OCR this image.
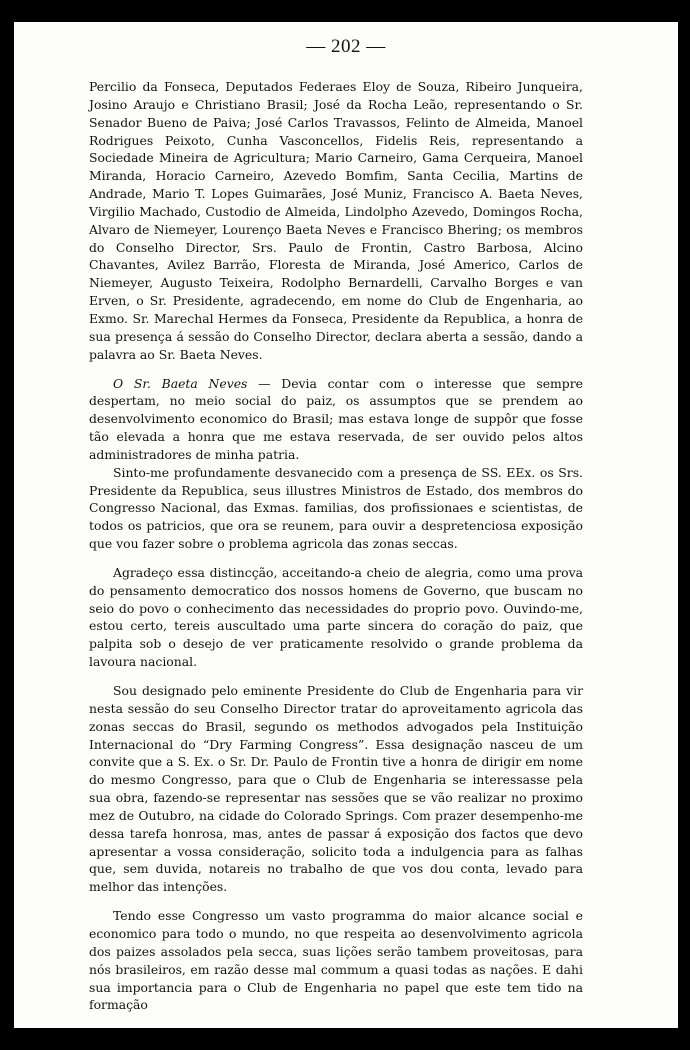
— 202 —

Percilio da Fonseca, Deputados Federaes Eloy de Souza, Ribeiro Junqueira, Josino Araujo e Christiano Brasil; José da Rocha Leão, representando o Sr. Senador Bueno de Paiva; José Carlos Travassos, Felinto de Almeida, Manoel Rodrigues Peixoto, Cunha Vasconcellos, Fidelis Reis, representando a Sociedade Mineira de Agricultura; Mario Carneiro, Gama Cerqueira, Manoel Miranda, Horacio Carneiro, Azevedo Bomfim, Santa Cecilia, Martins de Andrade, Mario T. Lopes Guimarães, José Muniz, Francisco A. Baeta Neves, Virgilio Machado, Custodio de Almeida, Lindolpho Azevedo, Domingos Rocha, Alvaro de Niemeyer, Lourenço Baeta Neves e Francisco Bhering; os membros do Conselho Director, Srs. Paulo de Frontin, Castro Barbosa, Alcino Chavantes, Avilez Barrão, Floresta de Miranda, José Americo, Carlos de Niemeyer, Augusto Teixeira, Rodolpho Bernardelli, Carvalho Borges e van Erven, o Sr. Presidente, agradecendo, em nome do Club de Engenharia, ao Exmo. Sr. Marechal Hermes da Fonseca, Presidente da Republica, a honra de sua presença á sessão do Conselho Director, declara aberta a sessão, dando a palavra ao Sr. Baeta Neves.

O Sr. Baeta Neves — Devia contar com o interesse que sempre despertam, no meio social do paiz, os assumptos que se prendem ao desenvolvimento economico do Brasil; mas estava longe de suppôr que fosse tão elevada a honra que me estava reservada, de ser ouvido pelos altos administradores de minha patria.

Sinto-me profundamente desvanecido com a presença de SS. EEx. os Srs. Presidente da Republica, seus illustres Ministros de Estado, dos membros do Congresso Nacional, das Exmas. familias, dos profissionaes e scientistas, de todos os patricios, que ora se reunem, para ouvir a despretenciosa exposição que vou fazer sobre o problema agricola das zonas seccas.

Agradeço essa distincção, acceitando-a cheio de alegria, como uma prova do pensamento democratico dos nossos homens de Governo, que buscam no seio do povo o conhecimento das necessidades do proprio povo. Ouvindo-me, estou certo, tereis auscultado uma parte sincera do coração do paiz, que palpita sob o desejo de ver praticamente resolvido o grande problema da lavoura nacional.

Sou designado pelo eminente Presidente do Club de Engenharia para vir nesta sessão do seu Conselho Director tratar do aproveitamento agricola das zonas seccas do Brasil, segundo os methodos advogados pela Instituição Internacional do “Dry Farming Congress”. Essa designação nasceu de um convite que a S. Ex. o Sr. Dr. Paulo de Frontin tive a honra de dirigir em nome do mesmo Congresso, para que o Club de Engenharia se interessasse pela sua obra, fazendo-se representar nas sessões que se vão realizar no proximo mez de Outubro, na cidade do Colorado Springs. Com prazer desempenho-me dessa tarefa honrosa, mas, antes de passar á exposição dos factos que devo apresentar a vossa consideração, solicito toda a indulgencia para as falhas que, sem duvida, notareis no trabalho de que vos dou conta, levado para melhor das intenções.

Tendo esse Congresso um vasto programma do maior alcance social e economico para todo o mundo, no que respeita ao desenvolvimento agricola dos paizes assolados pela secca, suas lições serão tambem proveitosas, para nós brasileiros, em razão desse mal commum a quasi todas as nações. E dahi sua importancia para o Club de Engenharia no papel que este tem tido na formação
